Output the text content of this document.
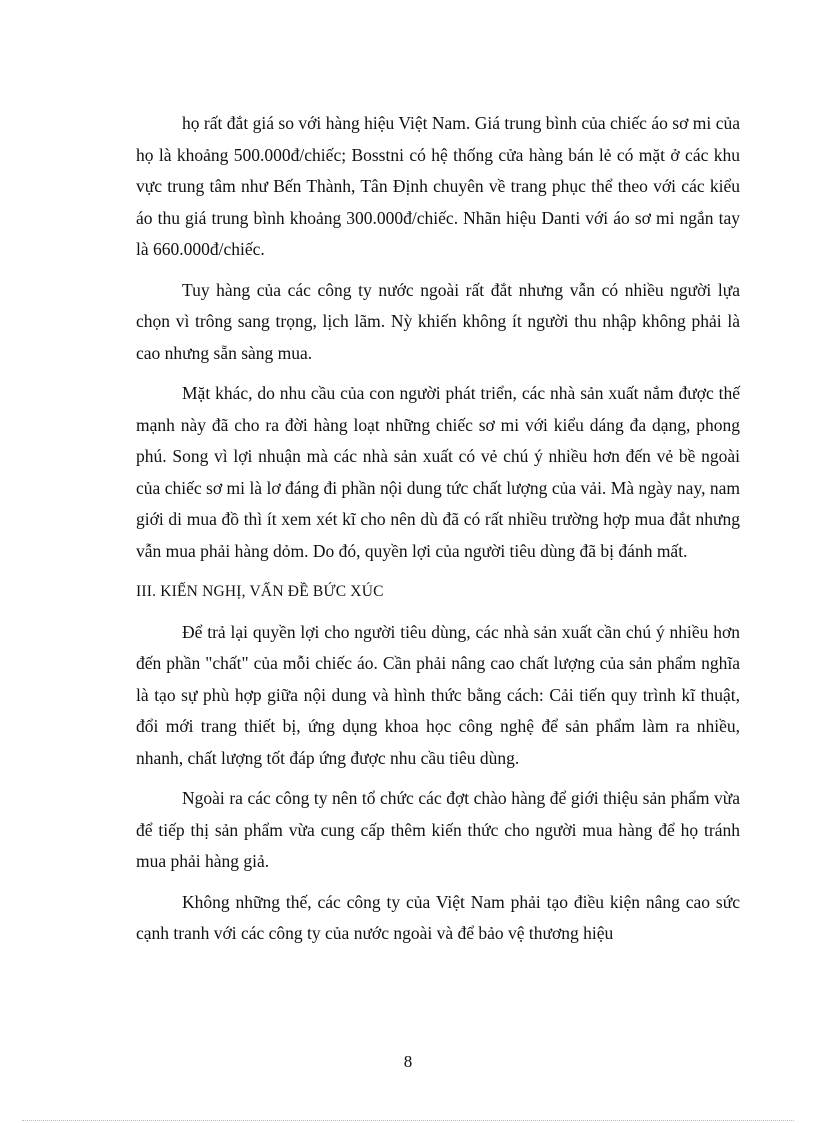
họ rất đắt giá so với hàng hiệu Việt Nam. Giá trung bình của chiếc áo sơ mi của họ là khoảng 500.000đ/chiếc; Bosstni có hệ thống cửa hàng bán lẻ có mặt ở các khu vực trung tâm như Bến Thành, Tân Định chuyên về trang phục thể theo với các kiểu áo thu giá trung bình khoảng 300.000đ/chiếc. Nhãn hiệu Danti với áo sơ mi ngắn tay là 660.000đ/chiếc.

Tuy hàng của các công ty nước ngoài rất đắt nhưng vẫn có nhiều người lựa chọn vì trông sang trọng, lịch lãm. Nỳ khiến không ít người thu nhập không phải là cao nhưng sẵn sàng mua.

Mặt khác, do nhu cầu của con người phát triển, các nhà sản xuất nắm được thế mạnh này đã cho ra đời hàng loạt những chiếc sơ mi với kiểu dáng đa dạng, phong phú. Song vì lợi nhuận mà các nhà sản xuất có vẻ chú ý nhiều hơn đến vẻ bề ngoài của chiếc sơ mi là lơ đáng đi phần nội dung tức chất lượng của vải. Mà ngày nay, nam giới di mua đồ thì ít xem xét kĩ cho nên dù đã có rất nhiều trường hợp mua đắt nhưng vẫn mua phải hàng dỏm. Do đó, quyền lợi của người tiêu dùng đã bị đánh mất.

III. KIẾN NGHỊ, VẤN ĐỀ BỨC XÚC

Để trả lại quyền lợi cho người tiêu dùng, các nhà sản xuất cần chú ý nhiều hơn đến phần "chất" của mỗi chiếc áo. Cần phải nâng cao chất lượng của sản phẩm nghĩa là tạo sự phù hợp giữa nội dung và hình thức bằng cách: Cải tiến quy trình kĩ thuật, đổi mới trang thiết bị, ứng dụng khoa học công nghệ để sản phẩm làm ra nhiều, nhanh, chất lượng tốt đáp ứng được nhu cầu tiêu dùng.

Ngoài ra các công ty nên tổ chức các đợt chào hàng để giới thiệu sản phẩm vừa để tiếp thị sản phẩm vừa cung cấp thêm kiến thức cho người mua hàng để họ tránh mua phải hàng giả.

Không những thế, các công ty của Việt Nam phải tạo điều kiện nâng cao sức cạnh tranh với các công ty của nước ngoài và để bảo vệ thương hiệu

8
